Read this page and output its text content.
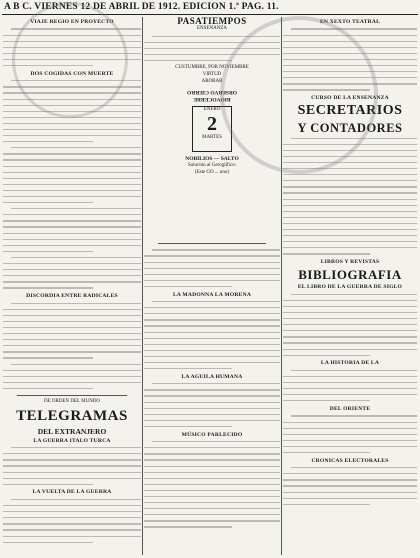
A B C. VIERNES 12 DE ABRIL DE 1912. EDICION 1.ª PAG. 11.
VIAJE REGIO EN PROYECTO
DOS COGIDAS CON MUERTE
DISCORDIA ENTRE RADICALES
DE ORDEN DEL MUNDO
TELEGRAMAS
DEL EXTRANJERO
LA GUERRA ITALO TURCA
LA VUELTA DE LA GUERRA
PASATIEMPOS
ENSENANZA
CUSTUMBRE, POR NOVIEMBRE
VIRTUD
AROBAR
OBSERVO CIERRO
BIOVOCERBE
ENERO
2
MARTES
NOBILIOS — SALTO
Solución al Geroglífico:
(Este GO ... uno)
LA MADONNA LA MORENA
LA AGUILA HUMANA
MÚSICO PARLECIDO
EN XEXTO TEATRAL
CURSO DE LA ENSENANZA
SECRETARIOS
Y CONTADORES
LIBROS Y REVISTAS
BIBLIOGRAFIA
EL LIBRO DE LA GUERRA DE SIGLO
LA HISTORIA DE LA
DEL ORIENTE
CRONICAS ELECTORALES
